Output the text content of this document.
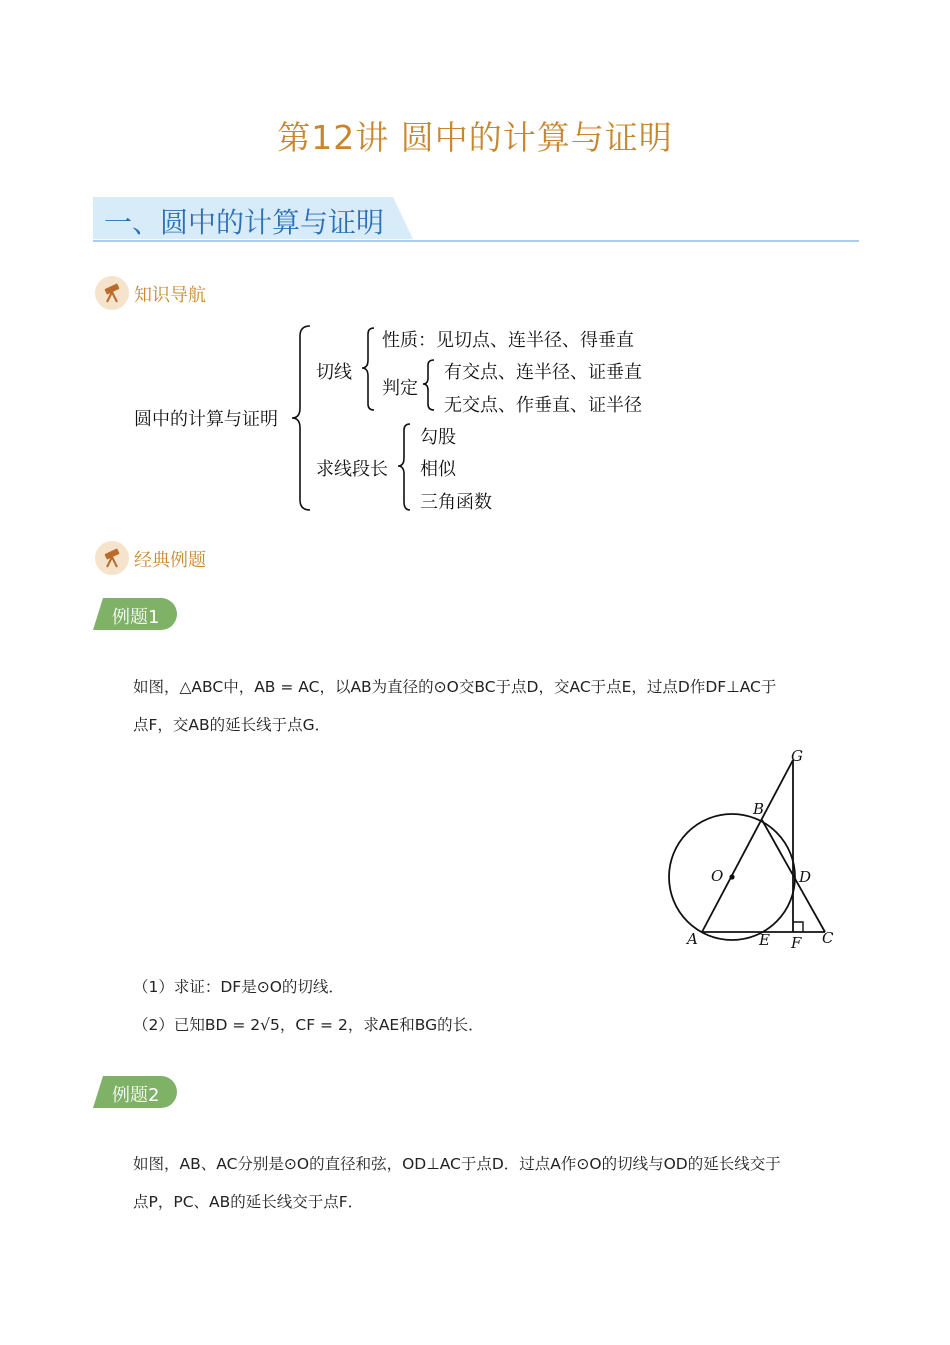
第12讲 圆中的计算与证明
一、圆中的计算与证明
知识导航
圆中的计算与证明
切线
性质：见切点、连半径、得垂直
判定
有交点、连半径、证垂直
无交点、作垂直、证半径
求线段长
勾股
相似
三角函数
经典例题
例题1
如图，△ABC中，AB = AC，以AB为直径的⊙O交BC于点D，交AC于点E，过点D作DF⊥AC于
点F，交AB的延长线于点G．
G
B
O	D
A	E F C
（1）求证：DF是⊙O的切线．
（2）已知BD = 2√5，CF = 2，求AE和BG的长．
例题2
如图，AB、AC分别是⊙O的直径和弦，OD⊥AC于点D．过点A作⊙O的切线与OD的延长线交于
点P，PC、AB的延长线交于点F．
